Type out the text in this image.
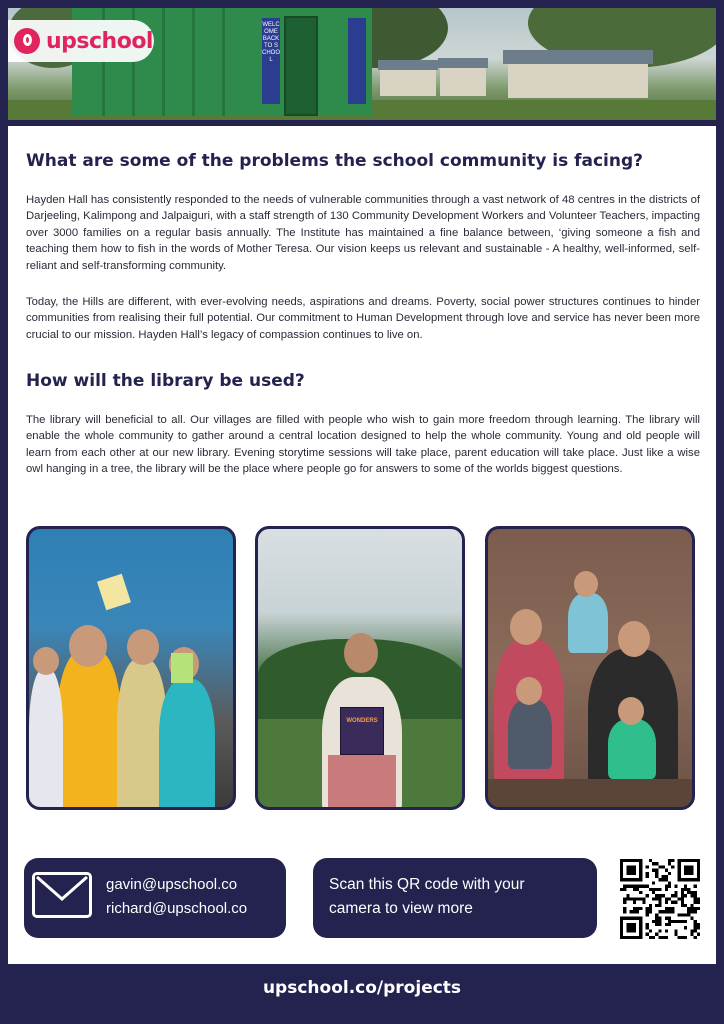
WELCOME BACK TO SCHOOL
upschool
What are some of the problems the school community is facing?

Hayden Hall has consistently responded to the needs of vulnerable communities through a vast network of 48 centres in the districts of Darjeeling, Kalimpong and Jalpaiguri, with a staff strength of 130 Community Development Workers and Volunteer Teachers, impacting over 3000 families on a regular basis annually. The Institute has maintained a fine balance between, ‘giving someone a fish and teaching them how to fish in the words of Mother Teresa. Our vision keeps us relevant and sustainable - A healthy, well-informed, self-reliant and self-transforming community.

Today, the Hills are different, with ever-evolving needs, aspirations and dreams. Poverty, social power structures continues to hinder communities from realising their full potential. Our commitment to Human Development through love and service has never been more crucial to our mission. Hayden Hall’s legacy of compassion continues to live on.

How will the library be used?

The library will beneficial to all. Our villages are filled with people who wish to gain more freedom through learning. The library will enable the whole community to gather around a central location designed to help the whole community. Young and old people will learn from each other at our new library. Evening storytime sessions will take place, parent education will take place. Just like a wise owl hanging in a tree, the library will be the place where people go for answers to some of the worlds biggest questions.

WONDERS
gavin@upschool.co
richard@upschool.co
Scan this QR code with your
camera to view more
upschool.co/projects
